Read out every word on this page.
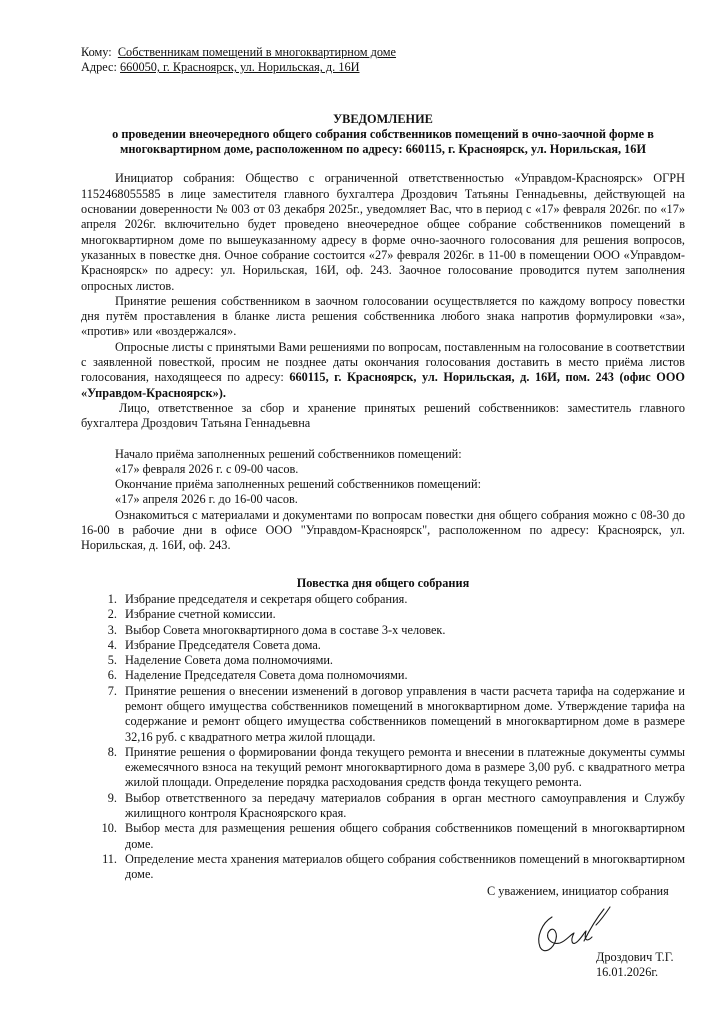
Кому: Собственникам помещений в многоквартирном доме

Адрес: 660050, г. Красноярск, ул. Норильская, д. 16И

УВЕДОМЛЕНИЕ

о проведении внеочередного общего собрания собственников помещений в очно-заочной форме в многоквартирном доме, расположенном по адресу: 660115, г. Красноярск, ул. Норильская, 16И

Инициатор собрания: Общество с ограниченной ответственностью «Управдом-Красноярск» ОГРН 1152468055585 в лице заместителя главного бухгалтера Дроздович Татьяны Геннадьевны, действующей на основании доверенности № 003 от 03 декабря 2025г., уведомляет Вас, что в период с «17» февраля 2026г. по «17» апреля 2026г. включительно будет проведено внеочередное общее собрание собственников помещений в многоквартирном доме по вышеуказанному адресу в форме очно-заочного голосования для решения вопросов, указанных в повестке дня. Очное собрание состоится «27» февраля 2026г. в 11-00 в помещении ООО «Управдом-Красноярск» по адресу: ул. Норильская, 16И, оф. 243. Заочное голосование проводится путем заполнения опросных листов.

Принятие решения собственником в заочном голосовании осуществляется по каждому вопросу повестки дня путём проставления в бланке листа решения собственника любого знака напротив формулировки «за», «против» или «воздержался».

Опросные листы с принятыми Вами решениями по вопросам, поставленным на голосование в соответствии с заявленной повесткой, просим не позднее даты окончания голосования доставить в место приёма листов голосования, находящееся по адресу: 660115, г. Красноярск, ул. Норильская, д. 16И, пом. 243 (офис ООО «Управдом-Красноярск»).

Лицо, ответственное за сбор и хранение принятых решений собственников: заместитель главного бухгалтера Дроздович Татьяна Геннадьевна

Начало приёма заполненных решений собственников помещений:

«17» февраля 2026 г. с 09-00 часов.

Окончание приёма заполненных решений собственников помещений:

«17» апреля 2026 г. до 16-00 часов.

Ознакомиться с материалами и документами по вопросам повестки дня общего собрания можно с 08-30 до 16-00 в рабочие дни в офисе ООО "Управдом-Красноярск", расположенном по адресу: Красноярск, ул. Норильская, д. 16И, оф. 243.

Повестка дня общего собрания

1. Избрание председателя и секретаря общего собрания.
2. Избрание счетной комиссии.
3. Выбор Совета многоквартирного дома в составе 3-х человек.
4. Избрание Председателя Совета дома.
5. Наделение Совета дома полномочиями.
6. Наделение Председателя Совета дома полномочиями.
7. Принятие решения о внесении изменений в договор управления в части расчета тарифа на содержание и ремонт общего имущества собственников помещений в многоквартирном доме. Утверждение тарифа на содержание и ремонт общего имущества собственников помещений в многоквартирном доме в размере 32,16 руб. с квадратного метра жилой площади.
8. Принятие решения о формировании фонда текущего ремонта и внесении в платежные документы суммы ежемесячного взноса на текущий ремонт многоквартирного дома в размере 3,00 руб. с квадратного метра жилой площади. Определение порядка расходования средств фонда текущего ремонта.
9. Выбор ответственного за передачу материалов собрания в орган местного самоуправления и Службу жилищного контроля Красноярского края.
10. Выбор места для размещения решения общего собрания собственников помещений в многоквартирном доме.
11. Определение места хранения материалов общего собрания собственников помещений в многоквартирном доме.

С уважением, инициатор собрания

Дроздович Т.Г.
16.01.2026г.
